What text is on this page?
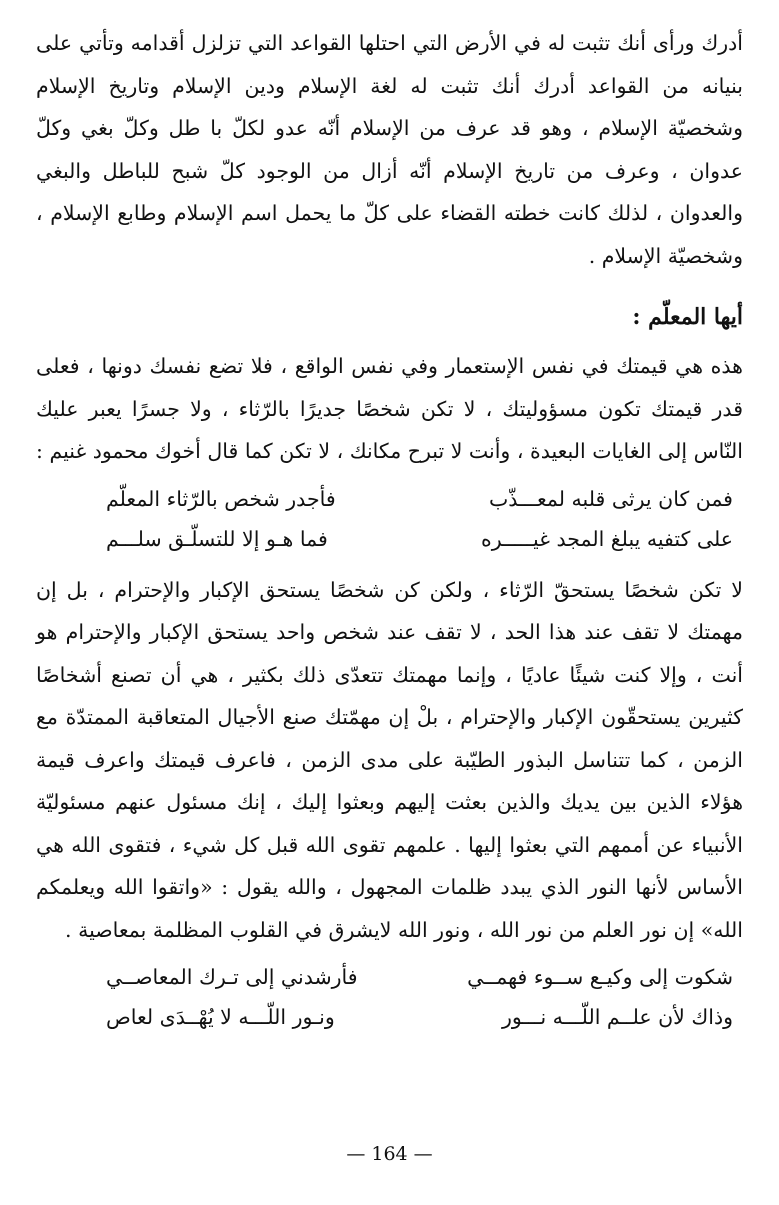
أدرك ورأى أنك تثبت له في الأرض التي احتلها القواعد التي تزلزل أقدامه وتأتي على بنيانه من القواعد أدرك أنك تثبت له لغة الإسلام ودين الإسلام وتاريخ الإسلام وشخصيّة الإسلام ، وهو قد عرف من الإسلام أنّه عدو لكلّ با طل وكلّ بغي وكلّ عدوان ، وعرف من تاريخ الإسلام أنّه أزال من الوجود كلّ شبح للباطل والبغي والعدوان ، لذلك كانت خطته القضاء على كلّ ما يحمل اسم الإسلام وطابع الإسلام ، وشخصيّة الإسلام .

أيها المعلّم :

هذه هي قيمتك في نفس الإستعمار وفي نفس الواقع ، فلا تضع نفسك دونها ، فعلى قدر قيمتك تكون مسؤوليتك ، لا تكن شخصًا جديرًا بالرّثاء ، ولا جسرًا يعبر عليك النّاس إلى الغايات البعيدة ، وأنت لا تبرح مكانك ، لا تكن كما قال أخوك محمود غنيم :

فمن كان يرثى قلبه لمعـــذّب
فأجدر شخص بالرّثاء المعلّم
على كتفيه يبلغ المجد غيـــــره
فما هـو إلا للتسلّـق سلـــم

لا تكن شخصًا يستحقّ الرّثاء ، ولكن كن شخصًا يستحق الإكبار والإحترام ، بل إن مهمتك لا تقف عند هذا الحد ، لا تقف عند شخص واحد يستحق الإكبار والإحترام هو أنت ، وإلا كنت شيئًا عاديًا ، وإنما مهمتك تتعدّى ذلك بكثير ، هي أن تصنع أشخاصًا كثيرين يستحقّون الإكبار والإحترام ، بلْ إن مهمّتك صنع الأجيال المتعاقبة الممتدّة مع الزمن ، كما تتناسل البذور الطيّبة على مدى الزمن ، فاعرف قيمتك واعرف قيمة هؤلاء الذين بين يديك والذين بعثت إليهم وبعثوا إليك ، إنك مسئول عنهم مسئوليّة الأنبياء عن أممهم التي بعثوا إليها . علمهم تقوى الله قبل كل شيء ، فتقوى الله هي الأساس لأنها النور الذي يبدد ظلمات المجهول ، والله يقول : «واتقوا الله ويعلمكم الله» إن نور العلم من نور الله ، ونور الله لايشرق في القلوب المظلمة بمعاصية .

شكوت إلى وكيـع ســوء فهمــي
فأرشدني إلى تـرك المعاصــي
وذاك لأن علــم اللّـــه نـــور
ونـور اللّـــه لا يُهْــدَى لعاص
— 164 —
